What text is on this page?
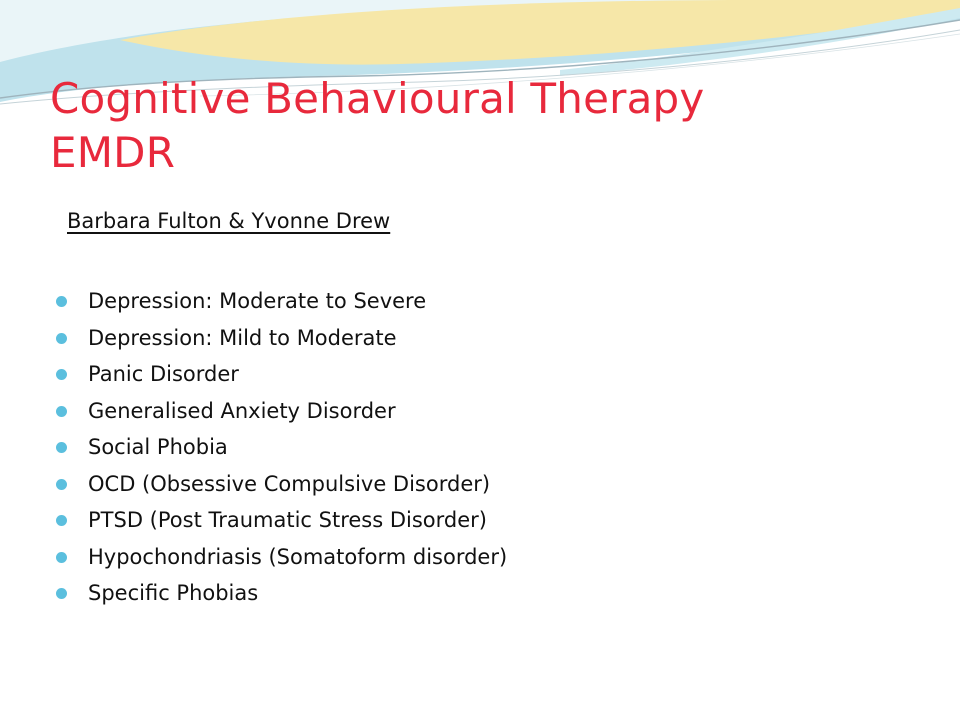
Cognitive Behavioural Therapy
EMDR
Barbara Fulton & Yvonne Drew
Depression: Moderate to Severe
Depression: Mild to Moderate
Panic Disorder
Generalised Anxiety Disorder
Social Phobia
OCD (Obsessive Compulsive Disorder)
PTSD (Post Traumatic Stress Disorder)
Hypochondriasis (Somatoform disorder)
Specific Phobias
